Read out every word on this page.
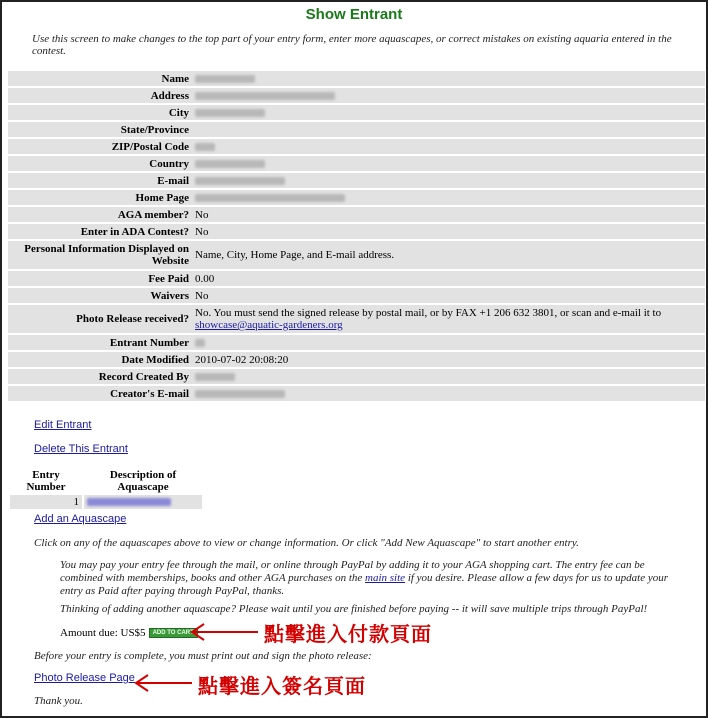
Show Entrant
Use this screen to make changes to the top part of your entry form, enter more aquascapes, or correct mistakes on existing aquaria entered in the contest.
Name	
Address	
City	
State/Province	
ZIP/Postal Code	
Country	
E-mail	
Home Page	
AGA member?	No
Enter in ADA Contest?	No
Personal Information Displayed on Website	Name, City, Home Page, and E-mail address.
Fee Paid	0.00
Waivers	No
Photo Release received?	No. You must send the signed release by postal mail, or by FAX +1 206 632 3801, or scan and e-mail it to showcase@aquatic-gardeners.org
Entrant Number	
Date Modified	2010-07-02 20:08:20
Record Created By	
Creator's E-mail	
Edit Entrant
Delete This Entrant
Entry Number	Description of Aquascape
1	
Add an Aquascape
Click on any of the aquascapes above to view or change information. Or click "Add New Aquascape" to start another entry.
You may pay your entry fee through the mail, or online through PayPal by adding it to your AGA shopping cart. The entry fee can be combined with memberships, books and other AGA purchases on the main site if you desire. Please allow a few days for us to update your entry as Paid after paying through PayPal, thanks.
Thinking of adding another aquascape? Please wait until you are finished before paying -- it will save multiple trips through PayPal!
Amount due: US$5 ADD TO CART	點擊進入付款頁面
Before your entry is complete, you must print out and sign the photo release:
Photo Release Page	點擊進入簽名頁面
Thank you.
